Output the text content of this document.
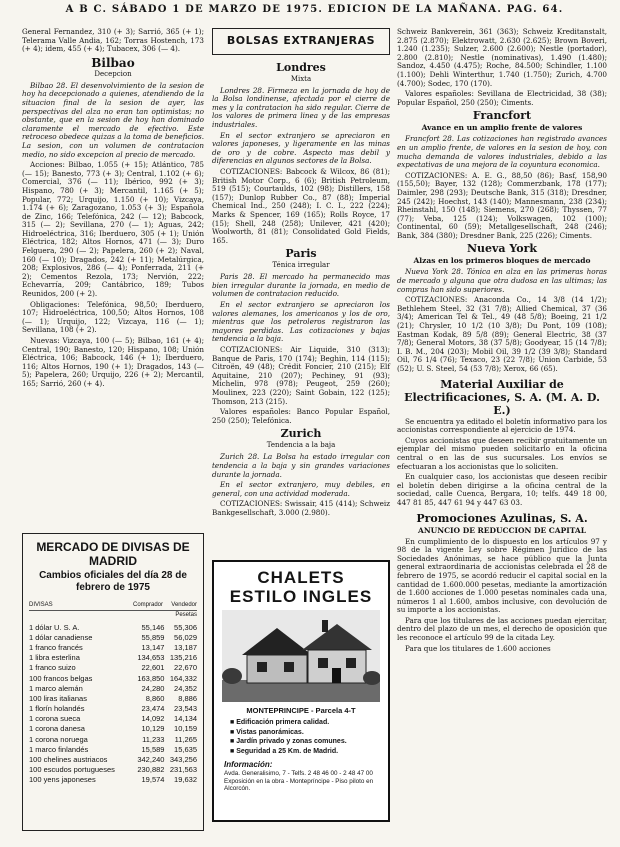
A B C. SÁBADO 1 DE MARZO DE 1975. EDICION DE LA MAÑANA. PAG. 64.

General Fernandez, 310 (+ 3); Sarrió, 365 (+ 1); Telerama Valle Andia, 162; Torras Hostench, 173 (+ 4); idem, 455 (+ 4); Tubacex, 306 (— 4).

Bilbao
Decepcion

Bilbao 28. El desenvolvimiento de la sesion de hoy ha decepcionado a quienes, atendiendo de la situacion final de la sesion de ayer, las perspectivas del alza no eran tan optimistas; no obstante, que en la sesion de hoy han dominado claramente el mercado de efectivo. Este retroceso obedece quizas a la toma de beneficios. La sesion, con un volumen de contratacion medio, no sido excepcion al precio de mercado.

Acciones: Bilbao, 1.055 (+ 15); Atlántico, 785 (— 15); Banesto, 773 (+ 3); Central, 1.102 (+ 6); Comercial, 376 (— 11); Ibérico, 992 (+ 3); Hispano, 780 (+ 3); Mercantil, 1.165 (+ 5); Popular, 772; Urquijo, 1.150 (+ 10); Vizcaya, 1.174 (+ 6); Zaragozano, 1.053 (+ 3); Española de Zinc, 166; Telefónica, 242 (— 12); Babcock, 315 (— 2); Sevillana, 270 (— 1); Aguas, 242; Hidroeléctrica, 316; Iberduero, 305 (+ 1); Unión Eléctrica, 182; Altos Hornos, 471 (— 3); Duro Felguera, 290 (— 2); Papelera, 260 (+ 2); Naval, 160 (— 10); Dragados, 242 (+ 11); Metalúrgica, 208; Explosivos, 286 (— 4); Ponferrada, 211 (+ 2); Cementos Rezola, 173; Nervión, 222; Echevarría, 209; Cantábrico, 189; Tubos Reunidos, 200 (+ 2).

Obligaciones: Telefónica, 98,50; Iberduero, 107; Hidroeléctrica, 100,50; Altos Hornos, 108 (— 1); Urquijo, 122; Vizcaya, 116 (— 1); Sevillana, 108 (+ 2).

Nuevas: Vizcaya, 100 (— 5); Bilbao, 161 (+ 4); Central, 190; Banesto, 120; Hispano, 108; Unión Eléctrica, 106; Babcock, 146 (+ 1); Iberduero, 116; Altos Hornos, 190 (+ 1); Dragados, 143 (— 5); Papelera, 260; Urquijo, 226 (+ 2); Mercantil, 165; Sarrió, 260 (+ 4).

MERCADO DE DIVISAS DE MADRID
Cambios oficiales del día 28 de febrero de 1975
DIVISAS	Comprador	Vendedor
Pesetas
1 dólar U. S. A.	55,146	55,306
1 dólar canadiense	55,859	56,029
1 franco francés	13,147	13,187
1 libra esterlina	134,653	135,216
1 franco suizo	22,601	22,670
100 francos belgas	163,850	164,332
1 marco alemán	24,280	24,352
100 liras italianas	8,860	8,886
1 florín holandés	23,474	23,543
1 corona sueca	14,092	14,134
1 corona danesa	10,129	10,159
1 corona noruega	11,233	11,265
1 marco finlandés	15,589	15,635
100 chelines austriacos	342,240	343,256
100 escudos portugueses	230,882	231,563
100 yens japoneses	19,574	19,632
BOLSAS EXTRANJERAS
Londres
Mixta

Londres 28. Firmeza en la jornada de hoy de la Bolsa londinense, afectada por el cierre de mes y la contratacion ha sido regular. Cierre de los valores de primera linea y de las empresas industriales.

En el sector extranjero se apreciaron en valores japoneses, y ligeramente en las minas de oro y de cobre. Aspecto mas debil y diferencias en algunos sectores de la Bolsa.

COTIZACIONES: Babcock & Wilcox, 86 (81); British Motor Corp., 6 (6); British Petroleum, 519 (515); Courtaulds, 102 (98); Distillers, 158 (157); Dunlop Rubber Co., 87 (88); Imperial Chemical Ind., 250 (248); I. C. I., 222 (224); Marks & Spencer, 169 (165); Rolls Royce, 17 (15); Shell, 248 (258); Unilever, 421 (420); Woolworth, 81 (81); Consolidated Gold Fields, 165.

Paris
Ténica irregular

Paris 28. El mercado ha permanecido mas bien irregular durante la jornada, en medio de volumen de contratacion reducido.

En el sector extranjero se apreciaron los valores alemanes, los americanos y los de oro, mientras que los petroleros registraron las mayores perdidas. Las cotizaciones y bajas tendencia a la baja.

COTIZACIONES: Air Liquide, 310 (313); Banque de Paris, 170 (174); Beghin, 114 (115); Citroën, 49 (48); Crédit Foncier, 210 (215); Elf Aquitaine, 210 (207); Pechiney, 91 (93); Michelin, 978 (978); Peugeot, 259 (260); Moulinex, 223 (220); Saint Gobain, 122 (125); Thomson, 213 (215).

Valores españoles: Banco Popular Español, 250 (250); Telefónica.

Zurich
Tendencia a la baja

Zurich 28. La Bolsa ha estado irregular con tendencia a la baja y sin grandes variaciones durante la jornada.

En el sector extranjero, muy debiles, en general, con una actividad moderada.

COTIZACIONES: Swissair, 415 (414); Schweiz Bankgesellschaft, 3.000 (2.980).

CHALETS
ESTILO INGLES
MONTEPRINCIPE - Parcela 4-T
■ Edificación primera calidad.
■ Vistas panorámicas.
■ Jardín privado y zonas comunes.
■ Seguridad a 25 Km. de Madrid.
Información:
Avda. Generalisimo, 7 - Telfs. 2 48 46 00 - 2 48 47 00 Exposición en la obra - Montepríncipe - Piso piloto en Alcorcón.

Schweiz Bankverein, 361 (363); Schweiz Kreditanstalt, 2.875 (2.870); Elektrowatt, 2.630 (2.625); Brown Boveri, 1.240 (1.235); Sulzer, 2.600 (2.600); Nestle (portador), 2.800 (2.810); Nestle (nominativas), 1.490 (1.480); Sandoz, 4.450 (4.475); Roche, 84.500; Schindler, 1.100 (1.100); Dehli Winterthur, 1.740 (1.750); Zurich, 4.700 (4.700); Sodec, 170 (170).

Valores españoles: Sevillana de Electricidad, 38 (38); Popular Español, 250 (250); Ciments.

Francfort
Avance en un amplio frente de valores

Francfort 28. Las cotizaciones han registrado avances en un amplio frente, de valores en la sesion de hoy, con mucha demanda de valores industriales, debido a las expectativas de una mejora de la coyuntura economica.

COTIZACIONES: A. E. G., 88,50 (86); Basf, 158,90 (155,50); Bayer, 132 (128); Commerzbank, 178 (177); Daimler, 298 (293); Deutsche Bank, 315 (318); Dresdner, 245 (242); Hoechst, 143 (140); Mannesmann, 238 (234); Rheinstahl, 150 (148); Siemens, 270 (268); Thyssen, 77 (77); Veba, 125 (124); Volkswagen, 102 (100); Continental, 60 (59); Metallgesellschaft, 248 (246); Bank, 384 (380); Dresdner Bank, 225 (226); Ciments.

Nueva York
Alzas en los primeros bloques de mercado

Nueva York 28. Tónica en alza en las primeras horas de mercado y alguna que otra dudosa en las ultimas; las compras han sido superiores.

COTIZACIONES: Anaconda Co., 14 3/8 (14 1/2); Bethlehem Steel, 32 (31 7/8); Allied Chemical, 37 (36 3/4); American Tel & Tel., 49 (48 5/8); Boeing, 21 1/2 (21); Chrysler, 10 1/2 (10 3/8); Du Pont, 109 (108); Eastman Kodak, 89 5/8 (89); General Electric, 38 (37 7/8); General Motors, 38 (37 5/8); Goodyear, 15 (14 7/8); I. B. M., 204 (203); Mobil Oil, 39 1/2 (39 3/8); Standard Oil, 76 1/4 (76); Texaco, 23 (22 7/8); Union Carbide, 53 (52); U. S. Steel, 54 (53 7/8); Xerox, 66 (65).

Material Auxiliar de Electrificaciones, S. A. (M. A. D. E.)

Se encuentra ya editado el boletín informativo para los accionistas correspondiente al ejercicio de 1974.

Cuyos accionistas que deseen recibir gratuitamente un ejemplar del mismo pueden solicitarlo en la oficina central o en las de sus sucursales. Los envíos se efectuaran a los accionistas que lo soliciten.

En cualquier caso, los accionistas que deseen recibir el boletín deben dirigirse a la oficina central de la sociedad, calle Cuenca, Bergara, 10; telfs. 449 18 00, 447 81 85, 447 61 94 y 447 63 03.

Promociones Azulinas, S. A.
ANUNCIO DE REDUCCION DE CAPITAL

En cumplimiento de lo dispuesto en los artículos 97 y 98 de la vigente Ley sobre Régimen Jurídico de las Sociedades Anónimas, se hace público que la Junta general extraordinaria de accionistas celebrada el 28 de febrero de 1975, se acordó reducir el capital social en la cantidad de 1.600.000 pesetas, mediante la amortización de 1.600 acciones de 1.000 pesetas nominales cada una, números 1 al 1.600, ambos inclusive, con devolución de su importe a los accionistas.

Para que los titulares de las acciones puedan ejercitar, dentro del plazo de un mes, el derecho de oposición que les reconoce el artículo 99 de la citada Ley.

Para que los titulares de 1.600 acciones
